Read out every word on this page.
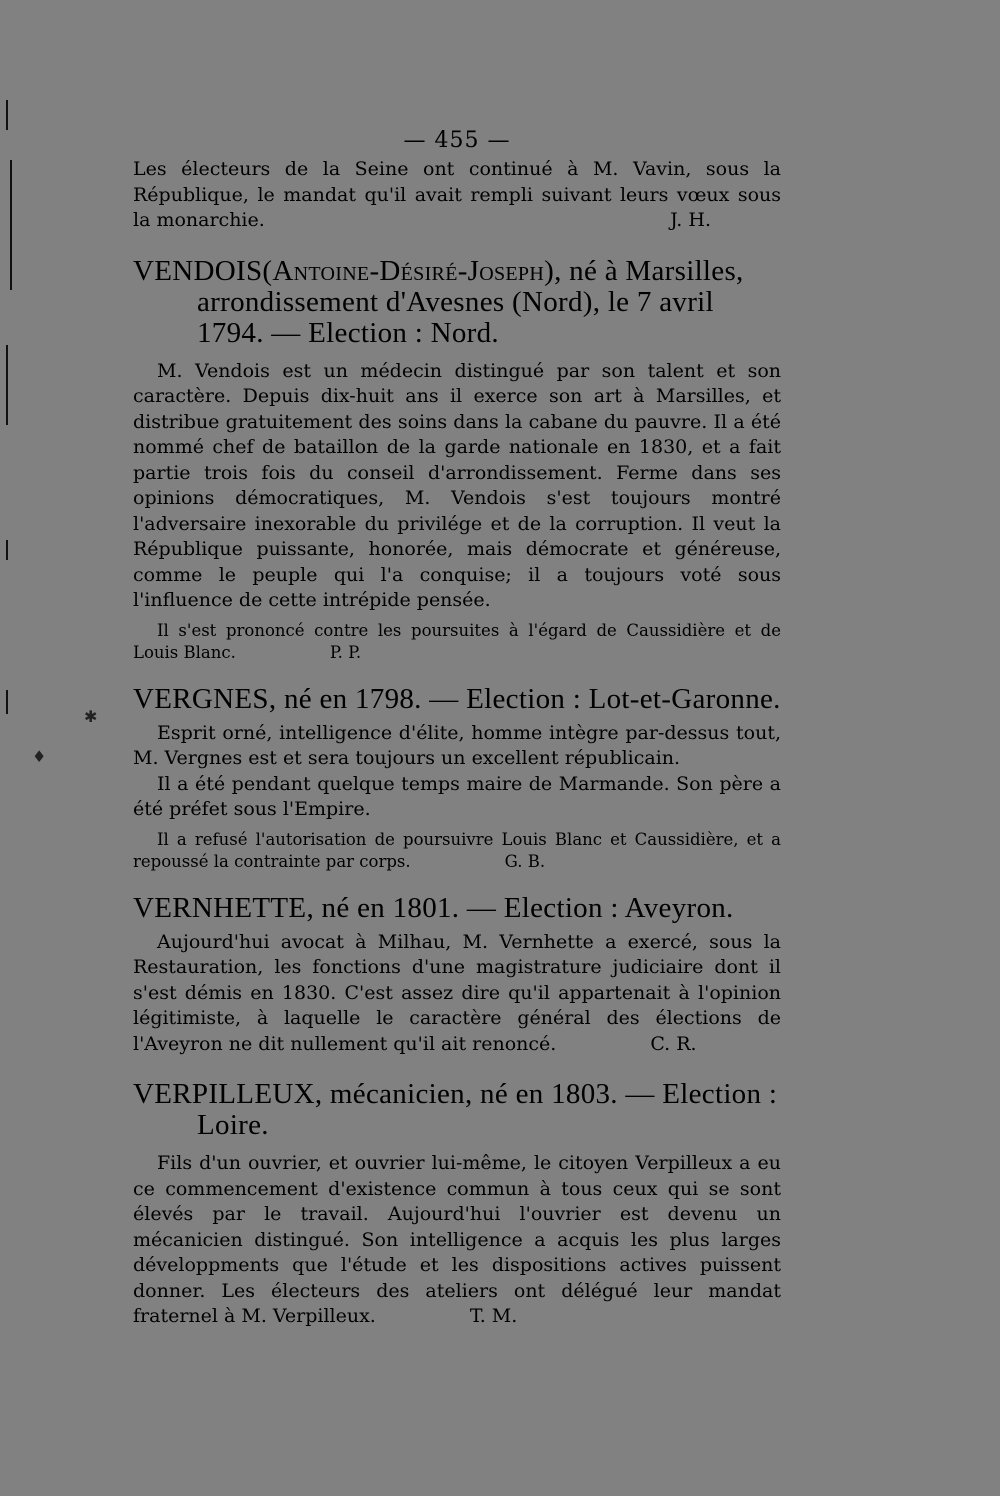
✱
♦
— 455 —

Les électeurs de la Seine ont continué à M. Vavin, sous la République, le mandat qu'il avait rempli suivant leurs vœux sous la monarchie.	J. H.

VENDOIS(Antoine-Désiré-Joseph), né à Marsilles, arrondissement d'Avesnes (Nord), le 7 avril 1794. — Election : Nord.

M. Vendois est un médecin distingué par son talent et son caractère. Depuis dix-huit ans il exerce son art à Marsilles, et distribue gratuitement des soins dans la cabane du pauvre. Il a été nommé chef de bataillon de la garde nationale en 1830, et a fait partie trois fois du conseil d'arrondissement. Ferme dans ses opinions démocratiques, M. Vendois s'est toujours montré l'adversaire inexorable du privilége et de la corruption. Il veut la République puissante, honorée, mais démocrate et généreuse, comme le peuple qui l'a conquise; il a toujours voté sous l'influence de cette intrépide pensée.

Il s'est prononcé contre les poursuites à l'égard de Caussidière et de Louis Blanc.	P. P.

VERGNES, né en 1798. — Election : Lot-et-Garonne.

Esprit orné, intelligence d'élite, homme intègre par-dessus tout, M. Vergnes est et sera toujours un excellent républicain.

Il a été pendant quelque temps maire de Marmande. Son père a été préfet sous l'Empire.

Il a refusé l'autorisation de poursuivre Louis Blanc et Caussidière, et a repoussé la contrainte par corps.	G. B.

VERNHETTE, né en 1801. — Election : Aveyron.

Aujourd'hui avocat à Milhau, M. Vernhette a exercé, sous la Restauration, les fonctions d'une magistrature judiciaire dont il s'est démis en 1830. C'est assez dire qu'il appartenait à l'opinion légitimiste, à laquelle le caractère général des élections de l'Aveyron ne dit nullement qu'il ait renoncé.	C. R.

VERPILLEUX, mécanicien, né en 1803. — Election : Loire.

Fils d'un ouvrier, et ouvrier lui-même, le citoyen Verpilleux a eu ce commencement d'existence commun à tous ceux qui se sont élevés par le travail. Aujourd'hui l'ouvrier est devenu un mécanicien distingué. Son intelligence a acquis les plus larges développments que l'étude et les dispositions actives puissent donner. Les électeurs des ateliers ont délégué leur mandat fraternel à M. Verpilleux.	T. M.
